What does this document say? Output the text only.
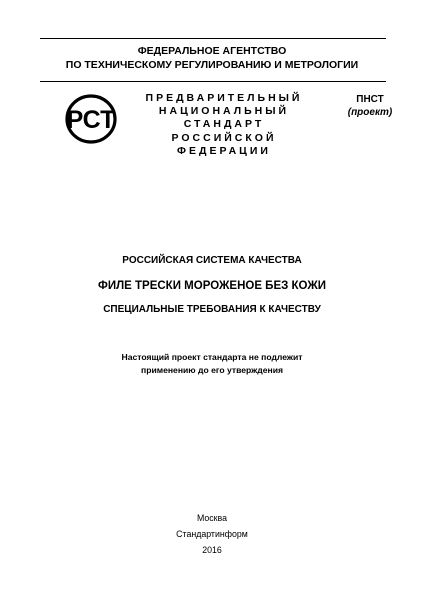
ФЕДЕРАЛЬНОЕ АГЕНТСТВО
ПО ТЕХНИЧЕСКОМУ РЕГУЛИРОВАНИЮ И МЕТРОЛОГИИ
РСТ
ПРЕДВАРИТЕЛЬНЫЙ
НАЦИОНАЛЬНЫЙ
СТАНДАРТ
РОССИЙСКОЙ
ФЕДЕРАЦИИ
ПНСТ
(проект)
РОССИЙСКАЯ СИСТЕМА КАЧЕСТВА
ФИЛЕ ТРЕСКИ МОРОЖЕНОЕ БЕЗ КОЖИ
СПЕЦИАЛЬНЫЕ ТРЕБОВАНИЯ К КАЧЕСТВУ
Настоящий проект стандарта не подлежит
применению до его утверждения
Москва
Стандартинформ
2016
